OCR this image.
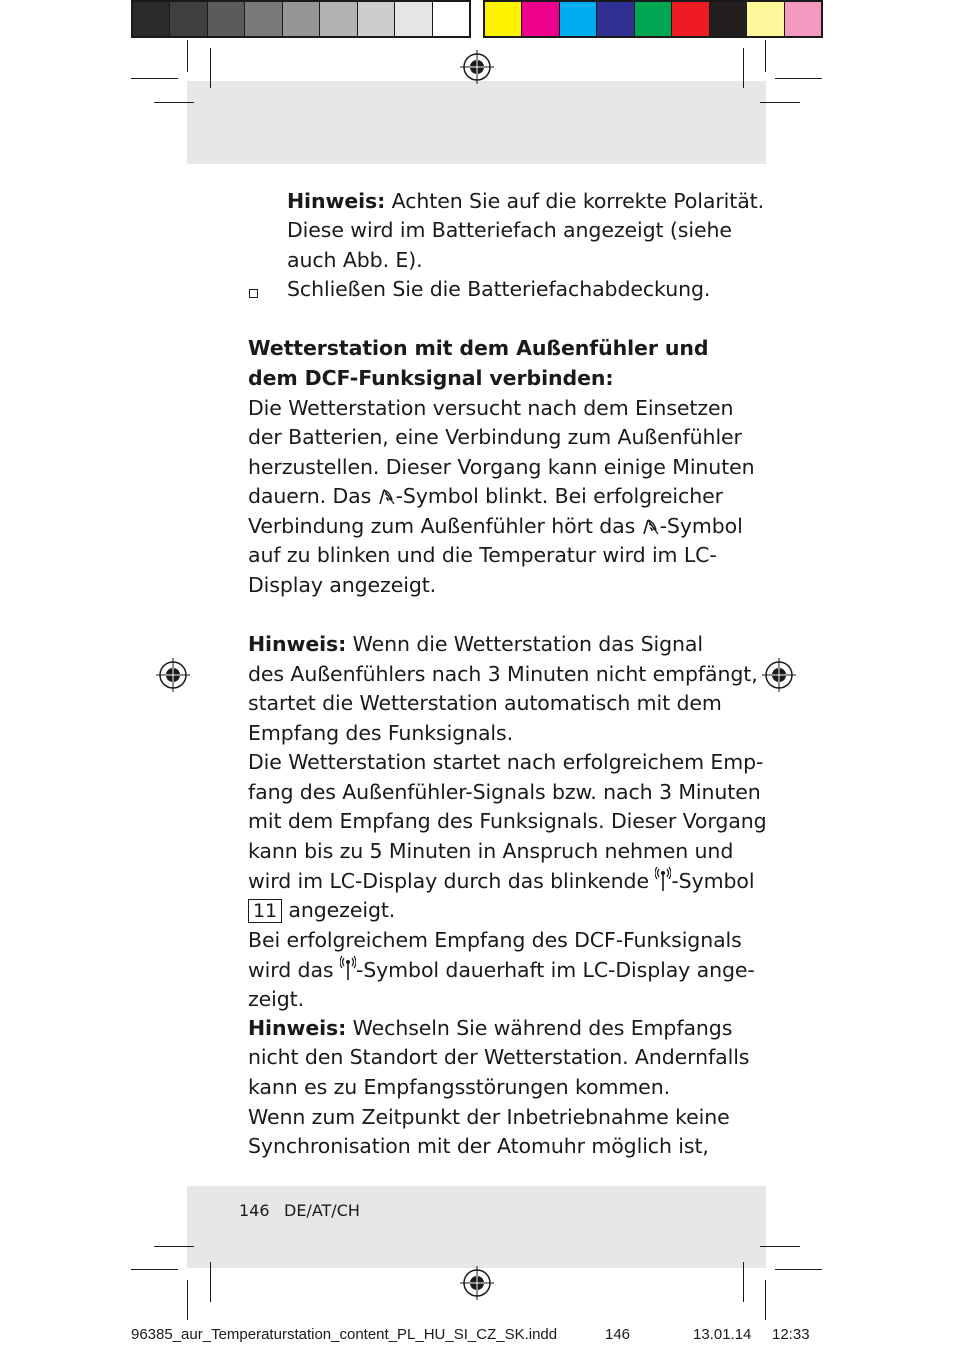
Hinweis: Achten Sie auf die korrekte Polarität.
Diese wird im Batteriefach angezeigt (siehe
auch Abb. E).
Schließen Sie die Batteriefachabdeckung.
Wetterstation mit dem Außenfühler und
dem DCF-Funksignal verbinden:
Die Wetterstation versucht nach dem Einsetzen
der Batterien, eine Verbindung zum Außenfühler
herzustellen. Dieser Vorgang kann einige Minuten
dauern. Das -Symbol blinkt. Bei erfolgreicher
Verbindung zum Außenfühler hört das -Symbol
auf zu blinken und die Temperatur wird im LC-
Display angezeigt.
Hinweis: Wenn die Wetterstation das Signal
des Außenfühlers nach 3 Minuten nicht empfängt,
startet die Wetterstation automatisch mit dem
Empfang des Funksignals.
Die Wetterstation startet nach erfolgreichem Emp-
fang des Außenfühler-Signals bzw. nach 3 Minuten
mit dem Empfang des Funksignals. Dieser Vorgang
kann bis zu 5 Minuten in Anspruch nehmen und
wird im LC-Display durch das blinkende -Symbol
11 angezeigt.
Bei erfolgreichem Empfang des DCF-Funksignals
wird das -Symbol dauerhaft im LC-Display ange-
zeigt.
Hinweis: Wechseln Sie während des Empfangs
nicht den Standort der Wetterstation. Andernfalls
kann es zu Empfangsstörungen kommen.
Wenn zum Zeitpunkt der Inbetriebnahme keine
Synchronisation mit der Atomuhr möglich ist,
146 DE/AT/CH
96385_aur_Temperaturstation_content_PL_HU_SI_CZ_SK.indd	146	13.01.14 12:33
